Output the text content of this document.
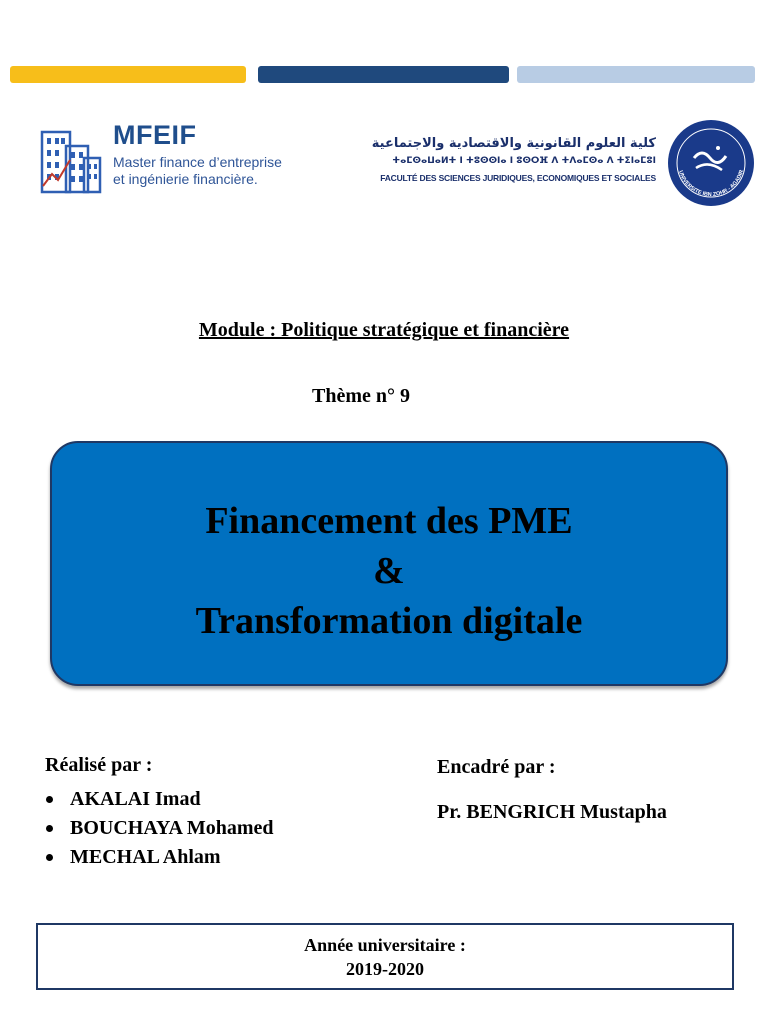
MFEIF
Master finance d’entreprise
et ingénierie financière.
كلية العلوم القانونية والاقتصادية والاجتماعية
ⵜⴰⵎⵙⴰⵡⴰⵍⵜ ⵏ ⵜⵓⵙⵙⵏⴰ ⵏ ⵓⵙⵔⴼ ⴷ ⵜⴷⴰⵎⵙⴰ ⴷ ⵜⵉⵏⴰⵎⵓⵏ
FACULTÉ DES SCIENCES JURIDIQUES, ECONOMIQUES ET SOCIALES
UNIVERSITE IBN ZOHR - AGADIR
Module : Politique stratégique et financière
Thème n° 9
Financement des PME
&
Transformation digitale
Réalisé par :
AKALAI Imad
BOUCHAYA Mohamed
MECHAL Ahlam
Encadré par :
Pr. BENGRICH Mustapha
Année universitaire :
2019-2020
